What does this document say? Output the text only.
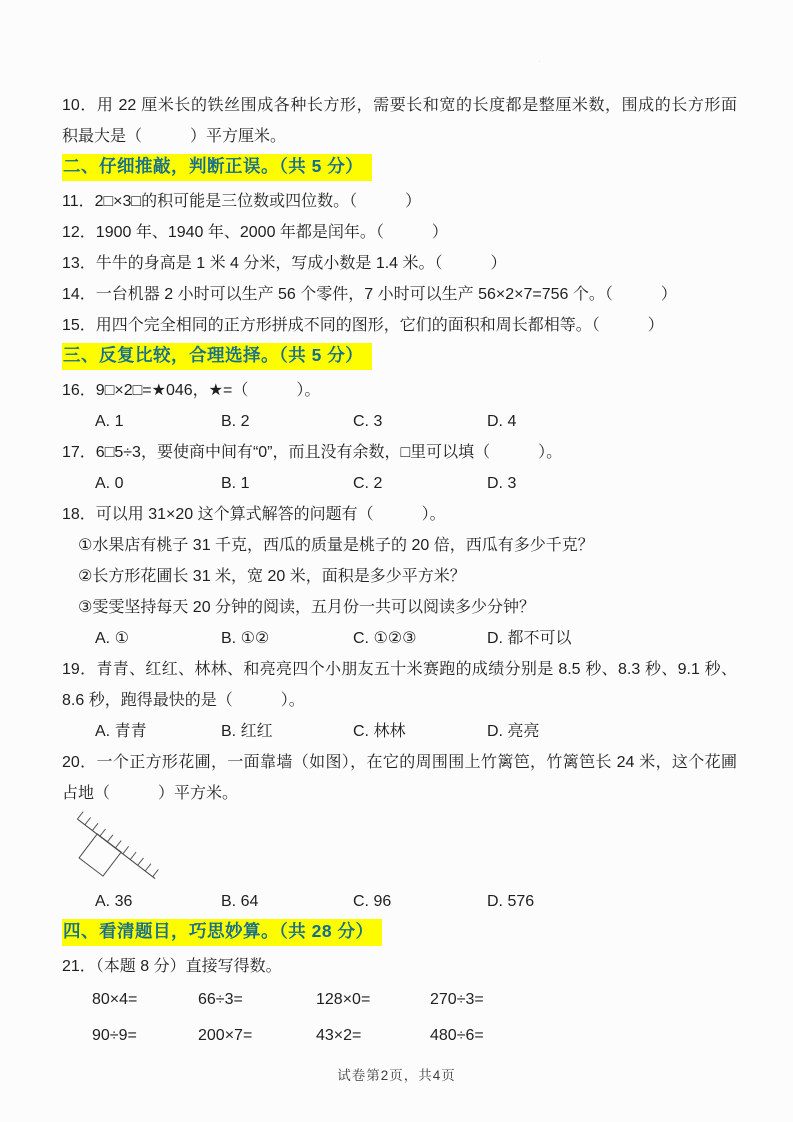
·
10．用 22 厘米长的铁丝围成各种长方形，需要长和宽的长度都是整厘米数，围成的长方形面
积最大是（　　　）平方厘米。
二、仔细推敲，判断正误。（共 5 分）
11．2□×3□的积可能是三位数或四位数。（　　　）
12．1900 年、1940 年、2000 年都是闰年。（　　　）
13．牛牛的身高是 1 米 4 分米，写成小数是 1.4 米。（　　　）
14．一台机器 2 小时可以生产 56 个零件，7 小时可以生产 56×2×7=756 个。（　　　）
15．用四个完全相同的正方形拼成不同的图形，它们的面积和周长都相等。（　　　）
三、反复比较，合理选择。（共 5 分）
16．9□×2□=★046，★=（　　　）。
A. 1	B. 2	C. 3	D. 4
17．6□5÷3，要使商中间有“0”，而且没有余数，□里可以填（　　　）。
A. 0	B. 1	C. 2	D. 3
18．可以用 31×20 这个算式解答的问题有（　　　）。
①水果店有桃子 31 千克，西瓜的质量是桃子的 20 倍，西瓜有多少千克？
②长方形花圃长 31 米，宽 20 米，面积是多少平方米？
③雯雯坚持每天 20 分钟的阅读，五月份一共可以阅读多少分钟？
A. ①	B. ①②	C. ①②③	D. 都不可以
19．青青、红红、林林、和亮亮四个小朋友五十米赛跑的成绩分别是 8.5 秒、8.3 秒、9.1 秒、
8.6 秒，跑得最快的是（　　　）。
A. 青青	B. 红红	C. 林林	D. 亮亮
20．一个正方形花圃，一面靠墙（如图），在它的周围围上竹篱笆，竹篱笆长 24 米，这个花圃
占地（　　　）平方米。
A. 36	B. 64	C. 96	D. 576
四、看清题目，巧思妙算。（共 28 分）
21．（本题 8 分）直接写得数。
80×4=	66÷3=	128×0=	270÷3=
90÷9=	200×7=	43×2=	480÷6=
试卷第2页，共4页
